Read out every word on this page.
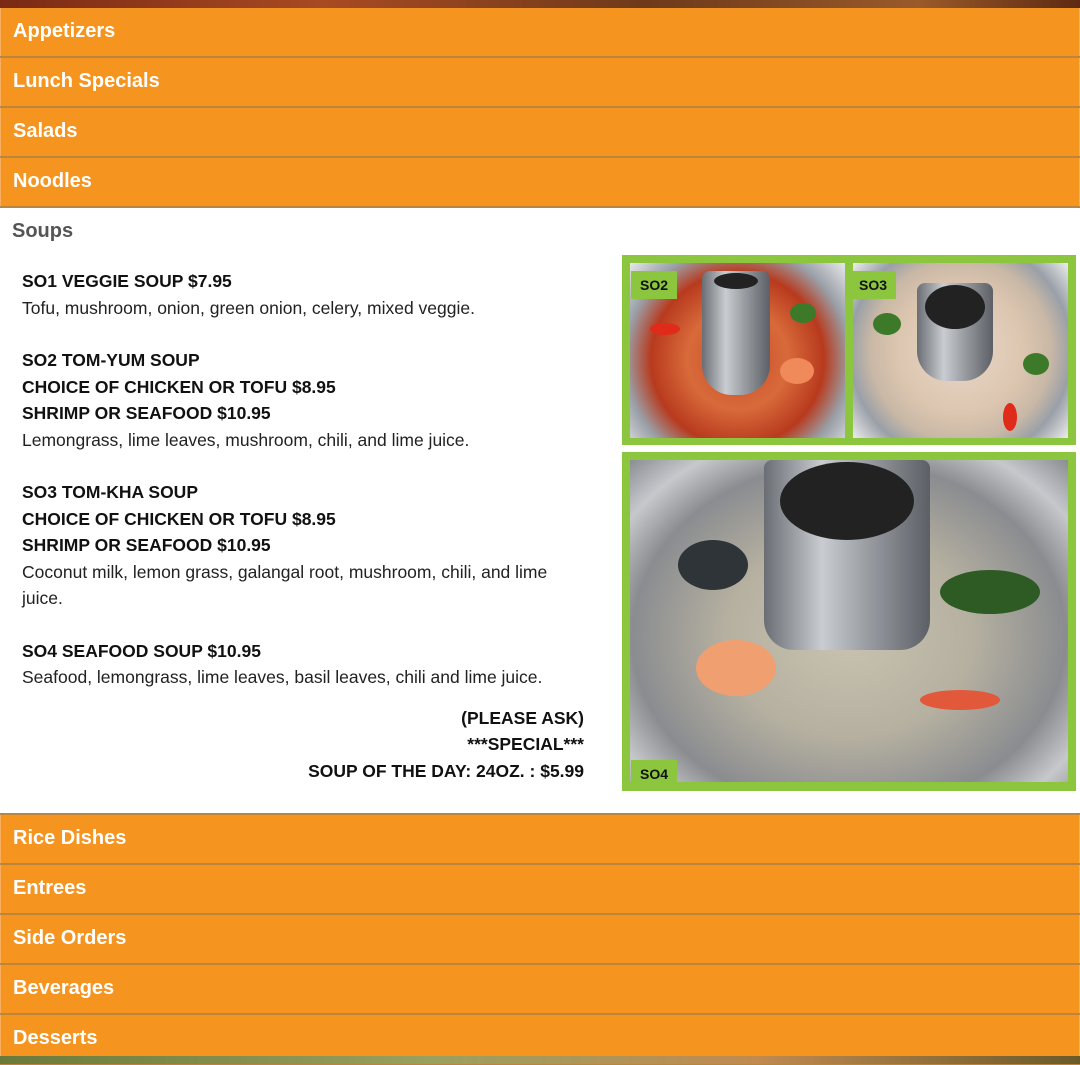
Appetizers
Lunch Specials
Salads
Noodles
Soups
SO1 VEGGIE SOUP $7.95
Tofu, mushroom, onion, green onion, celery, mixed veggie.
SO2 TOM-YUM SOUP
CHOICE OF CHICKEN OR TOFU $8.95
SHRIMP OR SEAFOOD $10.95
Lemongrass, lime leaves, mushroom, chili, and lime juice.
SO3 TOM-KHA SOUP
CHOICE OF CHICKEN OR TOFU $8.95
SHRIMP OR SEAFOOD $10.95
Coconut milk, lemon grass, galangal root, mushroom, chili, and lime juice.
SO4 SEAFOOD SOUP $10.95
Seafood, lemongrass, lime leaves, basil leaves, chili and lime juice.
(PLEASE ASK)
***SPECIAL***
SOUP OF THE DAY: 24OZ. : $5.99
Rice Dishes
Entrees
Side Orders
Beverages
Desserts
SO2	SO3
SO4
